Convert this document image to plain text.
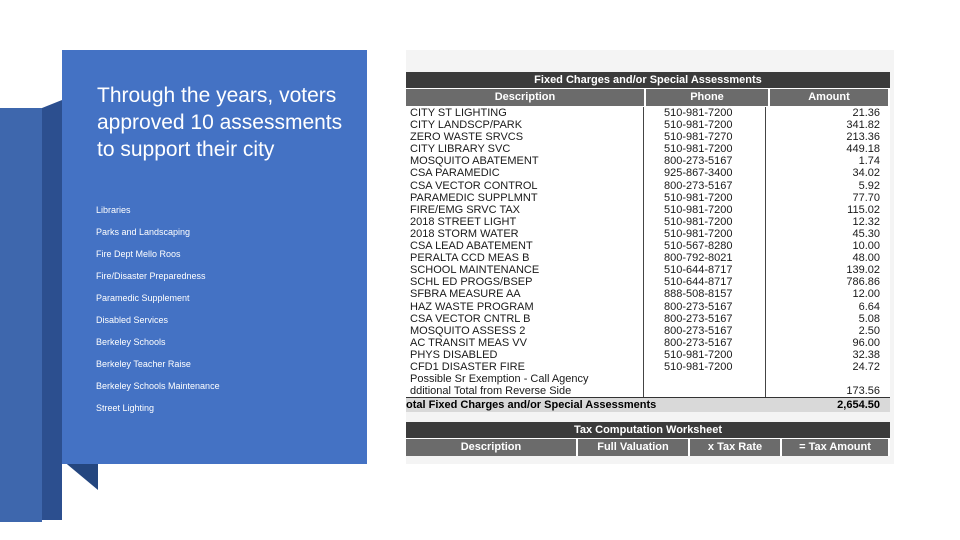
Through the years, voters approved 10 assessments to support their city
Libraries
Parks and Landscaping
Fire Dept Mello Roos
Fire/Disaster Preparedness
Paramedic Supplement
Disabled Services
Berkeley Schools
Berkeley Teacher Raise
Berkeley Schools Maintenance
Street Lighting
Fixed Charges and/or Special Assessments
Description	Phone	Amount
CITY ST LIGHTING	510-981-7200	21.36
CITY LANDSCP/PARK	510-981-7200	341.82
ZERO WASTE SRVCS	510-981-7270	213.36
CITY LIBRARY SVC	510-981-7200	449.18
MOSQUITO ABATEMENT	800-273-5167	1.74
CSA PARAMEDIC	925-867-3400	34.02
CSA VECTOR CONTROL	800-273-5167	5.92
PARAMEDIC SUPPLMNT	510-981-7200	77.70
FIRE/EMG SRVC TAX	510-981-7200	115.02
2018 STREET LIGHT	510-981-7200	12.32
2018 STORM WATER	510-981-7200	45.30
CSA LEAD ABATEMENT	510-567-8280	10.00
PERALTA CCD MEAS B	800-792-8021	48.00
SCHOOL MAINTENANCE	510-644-8717	139.02
SCHL ED PROGS/BSEP	510-644-8717	786.86
SFBRA MEASURE AA	888-508-8157	12.00
HAZ WASTE PROGRAM	800-273-5167	6.64
CSA VECTOR CNTRL B	800-273-5167	5.08
MOSQUITO ASSESS 2	800-273-5167	2.50
AC TRANSIT MEAS VV	800-273-5167	96.00
PHYS DISABLED	510-981-7200	32.38
CFD1 DISASTER FIRE	510-981-7200	24.72
Possible Sr Exemption - Call Agency
dditional Total from Reverse Side	173.56
otal Fixed Charges and/or Special Assessments	2,654.50
Tax Computation Worksheet
Description	Full Valuation	x Tax Rate	= Tax Amount
